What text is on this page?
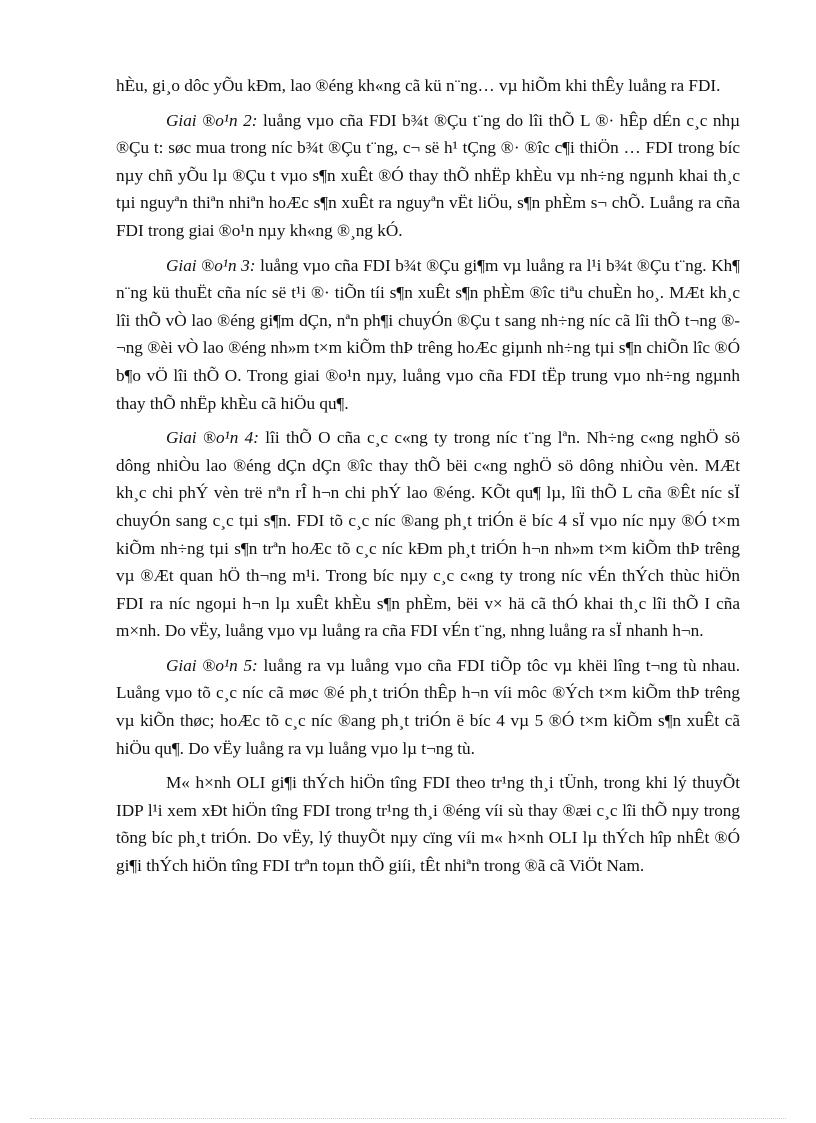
hÈu, gi¸o dôc yÕu kÐm, lao ®éng kh«ng cã kü n¨ng… vµ hiÕm khi thÊy luång ra FDI.

Giai ®o¹n 2: luång vµo cña FDI b¾t ®Çu t¨ng do lîi thÕ L ®· hÊp dÉn c¸c nhµ ®Çu t: søc mua trong níc b¾t ®Çu t¨ng, c¬ së h¹ tÇng ®· ®îc c¶i thiÖn … FDI trong bíc nµy chñ yÕu lµ ®Çu t vµo s¶n xuÊt ®Ó thay thÕ nhËp khÈu vµ nh÷ng ngµnh khai th¸c tµi nguyªn thiªn nhiªn hoÆc s¶n xuÊt ra nguyªn vËt liÖu, s¶n phÈm s¬ chÕ. Luång ra cña FDI trong giai ®o¹n nµy kh«ng ®¸ng kÓ.

Giai ®o¹n 3: luång vµo cña FDI b¾t ®Çu gi¶m vµ luång ra l¹i b¾t ®Çu t¨ng. Kh¶ n¨ng kü thuËt cña níc së t¹i ®· tiÕn tíi s¶n xuÊt s¶n phÈm ®îc tiªu chuÈn ho¸. MÆt kh¸c lîi thÕ vÒ lao ®éng gi¶m dÇn, nªn ph¶i chuyÓn ®Çu t sang nh÷ng níc cã lîi thÕ t¬ng ®¬ng ®èi vÒ lao ®éng nh»m t×m kiÕm thÞ trêng hoÆc giµnh nh÷ng tµi s¶n chiÕn lîc ®Ó b¶o vÖ lîi thÕ O. Trong giai ®o¹n nµy, luång vµo cña FDI tËp trung vµo nh÷ng ngµnh thay thÕ nhËp khÈu cã hiÖu qu¶.

Giai ®o¹n 4: lîi thÕ O cña c¸c c«ng ty trong níc t¨ng lªn. Nh÷ng c«ng nghÖ sö dông nhiÒu lao ®éng dÇn dÇn ®îc thay thÕ bëi c«ng nghÖ sö dông nhiÒu vèn. MÆt kh¸c chi phÝ vèn trë nªn rÎ h¬n chi phÝ lao ®éng. KÕt qu¶ lµ, lîi thÕ L cña ®Êt níc sÏ chuyÓn sang c¸c tµi s¶n. FDI tõ c¸c níc ®ang ph¸t triÓn ë bíc 4 sÏ vµo níc nµy ®Ó t×m kiÕm nh÷ng tµi s¶n trªn hoÆc tõ c¸c níc kÐm ph¸t triÓn h¬n nh»m t×m kiÕm thÞ trêng vµ ®Æt quan hÖ th¬ng m¹i. Trong bíc nµy c¸c c«ng ty trong níc vÉn thÝch thùc hiÖn FDI ra níc ngoµi h¬n lµ xuÊt khÈu s¶n phÈm, bëi v× hä cã thÓ khai th¸c lîi thÕ I cña m×nh. Do vËy, luång vµo vµ luång ra cña FDI vÉn t¨ng, nhng luång ra sÏ nhanh h¬n.

Giai ®o¹n 5: luång ra vµ luång vµo cña FDI tiÕp tôc vµ khëi lîng t¬ng tù nhau. Luång vµo tõ c¸c níc cã møc ®é ph¸t triÓn thÊp h¬n víi môc ®Ých t×m kiÕm thÞ trêng vµ kiÕn thøc; hoÆc tõ c¸c níc ®ang ph¸t triÓn ë bíc 4 vµ 5 ®Ó t×m kiÕm s¶n xuÊt cã hiÖu qu¶. Do vËy luång ra vµ luång vµo lµ t¬ng tù.

M« h×nh OLI gi¶i thÝch hiÖn tîng FDI theo tr¹ng th¸i tÜnh, trong khi lý thuyÕt IDP l¹i xem xÐt hiÖn tîng FDI trong tr¹ng th¸i ®éng víi sù thay ®æi c¸c lîi thÕ nµy trong tõng bíc ph¸t triÓn. Do vËy, lý thuyÕt nµy cïng víi m« h×nh OLI lµ thÝch hîp nhÊt ®Ó gi¶i thÝch hiÖn tîng FDI trªn toµn thÕ giíi, tÊt nhiªn trong ®ã cã ViÖt Nam.
